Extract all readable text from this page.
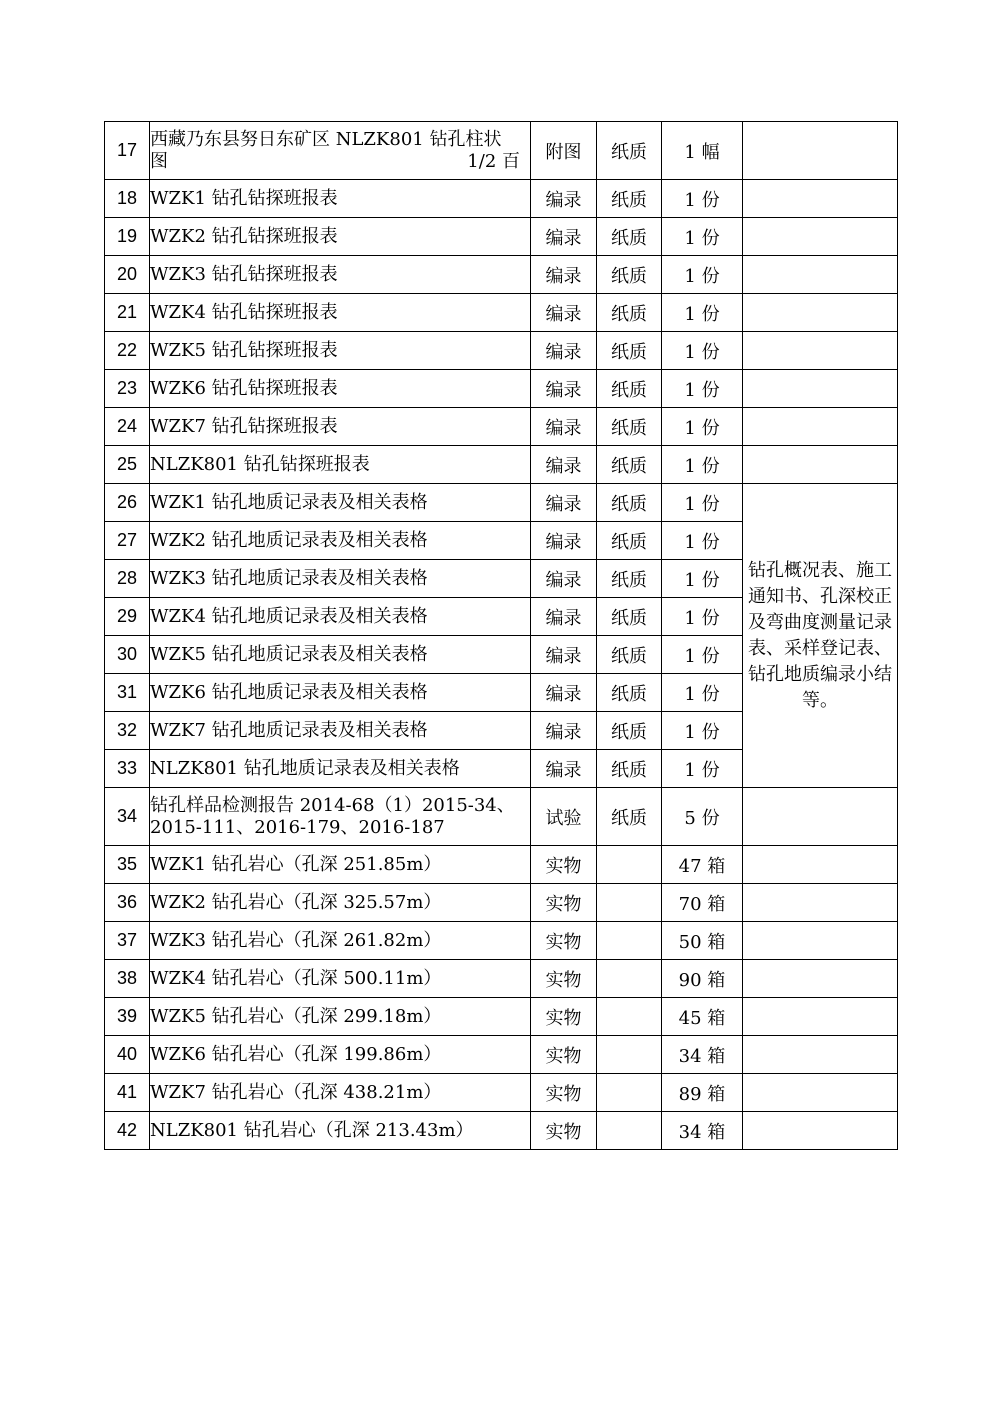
17	西藏乃东县努日东矿区 NLZK801 钻孔柱状
图 1/2 百	附图	纸质	1 幅	
18	WZK1 钻孔钻探班报表	编录	纸质	1 份	
19	WZK2 钻孔钻探班报表	编录	纸质	1 份	
20	WZK3 钻孔钻探班报表	编录	纸质	1 份	
21	WZK4 钻孔钻探班报表	编录	纸质	1 份	
22	WZK5 钻孔钻探班报表	编录	纸质	1 份	
23	WZK6 钻孔钻探班报表	编录	纸质	1 份	
24	WZK7 钻孔钻探班报表	编录	纸质	1 份	
25	NLZK801 钻孔钻探班报表	编录	纸质	1 份	
26	WZK1 钻孔地质记录表及相关表格	编录	纸质	1 份	钻孔概况表、施工通知书、孔深校正及弯曲度测量记录表、采样登记表、钻孔地质编录小结等。
27	WZK2 钻孔地质记录表及相关表格	编录	纸质	1 份	
28	WZK3 钻孔地质记录表及相关表格	编录	纸质	1 份	
29	WZK4 钻孔地质记录表及相关表格	编录	纸质	1 份	
30	WZK5 钻孔地质记录表及相关表格	编录	纸质	1 份	
31	WZK6 钻孔地质记录表及相关表格	编录	纸质	1 份	
32	WZK7 钻孔地质记录表及相关表格	编录	纸质	1 份	
33	NLZK801 钻孔地质记录表及相关表格	编录	纸质	1 份	
34	钻孔样品检测报告 2014-68（1）2015-34、
2015-111、2016-179、2016-187	试验	纸质	5 份	
35	WZK1 钻孔岩心（孔深 251.85m）	实物		47 箱	
36	WZK2 钻孔岩心（孔深 325.57m）	实物		70 箱	
37	WZK3 钻孔岩心（孔深 261.82m）	实物		50 箱	
38	WZK4 钻孔岩心（孔深 500.11m）	实物		90 箱	
39	WZK5 钻孔岩心（孔深 299.18m）	实物		45 箱	
40	WZK6 钻孔岩心（孔深 199.86m）	实物		34 箱	
41	WZK7 钻孔岩心（孔深 438.21m）	实物		89 箱	
42	NLZK801 钻孔岩心（孔深 213.43m）	实物		34 箱	
